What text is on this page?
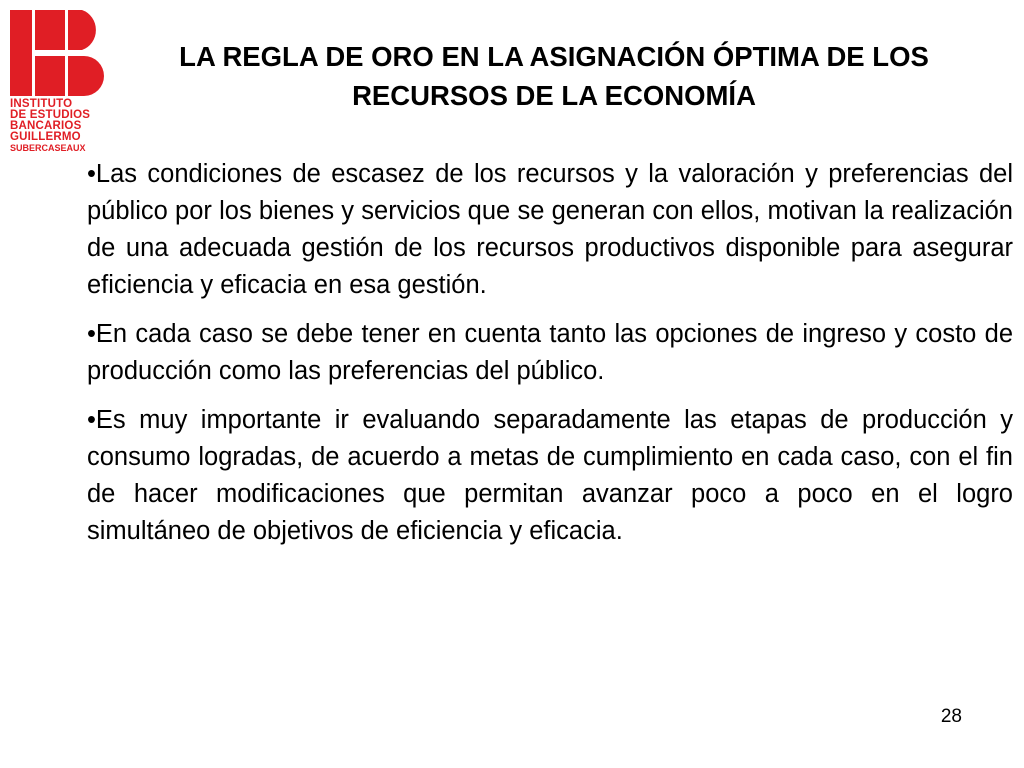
INSTITUTO
DE ESTUDIOS
BANCARIOS
GUILLERMO
SUBERCASEAUX
LA REGLA DE ORO EN LA ASIGNACIÓN ÓPTIMA DE LOS RECURSOS DE LA ECONOMÍA

•Las condiciones de escasez de los recursos y la valoración y preferencias del público por los bienes y servicios que se generan con ellos, motivan la realización de una adecuada gestión de los recursos productivos disponible para asegurar eficiencia y eficacia en esa gestión.

•En cada caso se debe tener en cuenta tanto las opciones de ingreso y costo de producción como las preferencias del público.

•Es muy importante ir evaluando separadamente las etapas de producción y consumo logradas, de acuerdo a metas de cumplimiento en cada caso, con el fin de hacer modificaciones que permitan avanzar poco a poco en el logro simultáneo de objetivos de eficiencia y eficacia.

28
